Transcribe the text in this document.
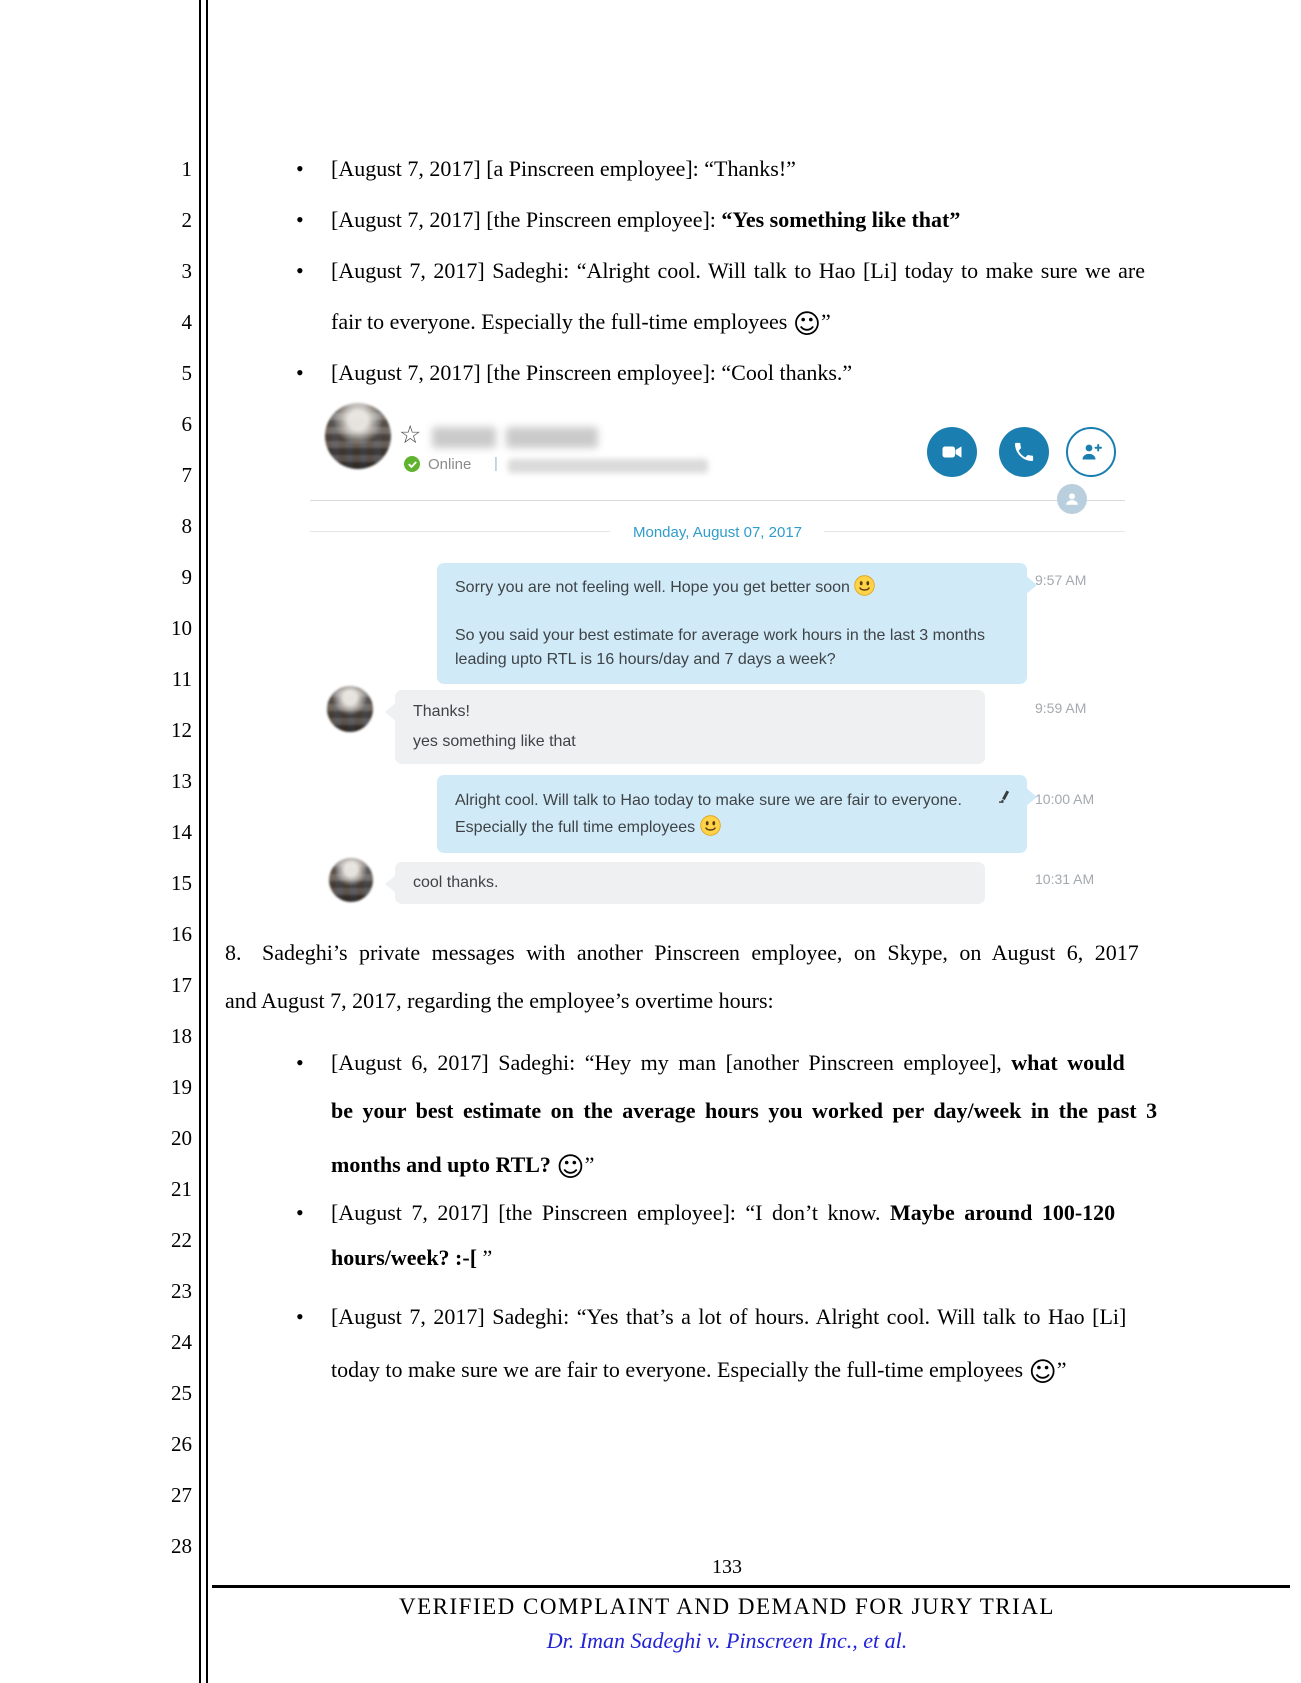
1
2
3
4
5
6
7
8
9
10
11
12
13
14
15
16
17
18
19
20
21
22
23
24
25
26
27
28
• [August 7, 2017] [a Pinscreen employee]: “Thanks!”
• [August 7, 2017] [the Pinscreen employee]: “Yes something like that”
• [August 7, 2017] Sadeghi: “Alright cool. Will talk to Hao [Li] today to make sure we are
fair to everyone. Especially the full-time employees ☺”
• [August 7, 2017] [the Pinscreen employee]: “Cool thanks.”
8. Sadeghi’s private messages with another Pinscreen employee, on Skype, on August 6, 2017
and August 7, 2017, regarding the employee’s overtime hours:
• [August 6, 2017] Sadeghi: “Hey my man [another Pinscreen employee], what would
be your best estimate on the average hours you worked per day/week in the past 3
months and upto RTL? ☺”
• [August 7, 2017] [the Pinscreen employee]: “I don’t know. Maybe around 100-120
hours/week? :-[ ”
• [August 7, 2017] Sadeghi: “Yes that’s a lot of hours. Alright cool. Will talk to Hao [Li]
today to make sure we are fair to everyone. Especially the full-time employees ☺”
☆
Online |
Monday, August 07, 2017
Sorry you are not feeling well. Hope you get better soon
So you said your best estimate for average work hours in the last 3 months
leading upto RTL is 16 hours/day and 7 days a week?
9:57 AM
Thanks!
yes something like that
9:59 AM
Alright cool. Will talk to Hao today to make sure we are fair to everyone.
Especially the full time employees
10:00 AM
cool thanks.	10:31 AM
133
VERIFIED COMPLAINT AND DEMAND FOR JURY TRIAL
Dr. Iman Sadeghi v. Pinscreen Inc., et al.
